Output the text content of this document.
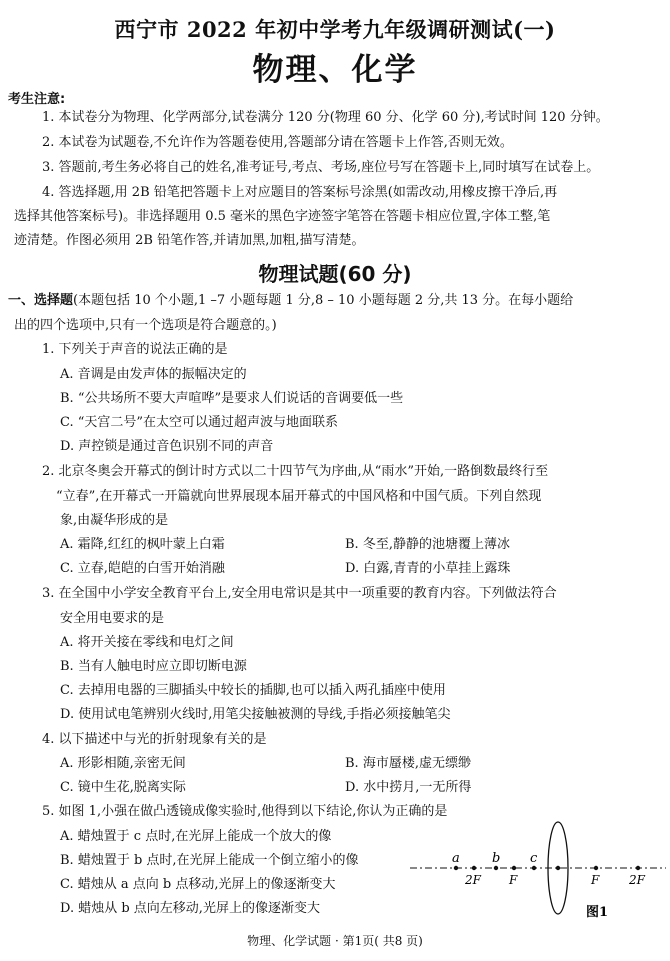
西宁市 2022 年初中学考九年级调研测试(一)
物理、化学
考生注意:
1. 本试卷分为物理、化学两部分,试卷满分 120 分(物理 60 分、化学 60 分),考试时间 120 分钟。
2. 本试卷为试题卷,不允许作为答题卷使用,答题部分请在答题卡上作答,否则无效。
3. 答题前,考生务必将自己的姓名,准考证号,考点、考场,座位号写在答题卡上,同时填写在试卷上。
4. 答选择题,用 2B 铅笔把答题卡上对应题目的答案标号涂黑(如需改动,用橡皮擦干净后,再
选择其他答案标号)。非选择题用 0.5 毫米的黑色字迹签字笔答在答题卡相应位置,字体工整,笔
迹清楚。作图必须用 2B 铅笔作答,并请加黑,加粗,描写清楚。
物理试题(60 分)
一、选择题(本题包括 10 个小题,1 –7 小题每题 1 分,8 – 10 小题每题 2 分,共 13 分。在每小题给
出的四个选项中,只有一个选项是符合题意的。)
1. 下列关于声音的说法正确的是
A. 音调是由发声体的振幅决定的
B. “公共场所不要大声喧哗”是要求人们说话的音调要低一些
C. “天宫二号”在太空可以通过超声波与地面联系
D. 声控锁是通过音色识别不同的声音
2. 北京冬奥会开幕式的倒计时方式以二十四节气为序曲,从“雨水”开始,一路倒数最终行至
“立春”,在开幕式一开篇就向世界展现本届开幕式的中国风格和中国气质。下列自然现
象,由凝华形成的是
A. 霜降,红红的枫叶蒙上白霜	B. 冬至,静静的池塘覆上薄冰
C. 立春,皑皑的白雪开始消融	D. 白露,青青的小草挂上露珠
3. 在全国中小学安全教育平台上,安全用电常识是其中一项重要的教育内容。下列做法符合
安全用电要求的是
A. 将开关接在零线和电灯之间
B. 当有人触电时应立即切断电源
C. 去掉用电器的三脚插头中较长的插脚,也可以插入两孔插座中使用
D. 使用试电笔辨别火线时,用笔尖接触被测的导线,手指必须接触笔尖
4. 以下描述中与光的折射现象有关的是
A. 形影相随,亲密无间	B. 海市蜃楼,虚无缥缈
C. 镜中生花,脱离实际	D. 水中捞月,一无所得
5. 如图 1,小强在做凸透镜成像实验时,他得到以下结论,你认为正确的是
A. 蜡烛置于 c 点时,在光屏上能成一个放大的像
B. 蜡烛置于 b 点时,在光屏上能成一个倒立缩小的像
C. 蜡烛从 a 点向 b 点移动,光屏上的像逐渐变大
D. 蜡烛从 b 点向左移动,光屏上的像逐渐变大
a b c
2F F	F 2F
图1
物理、化学试题 · 第1页( 共8 页)
